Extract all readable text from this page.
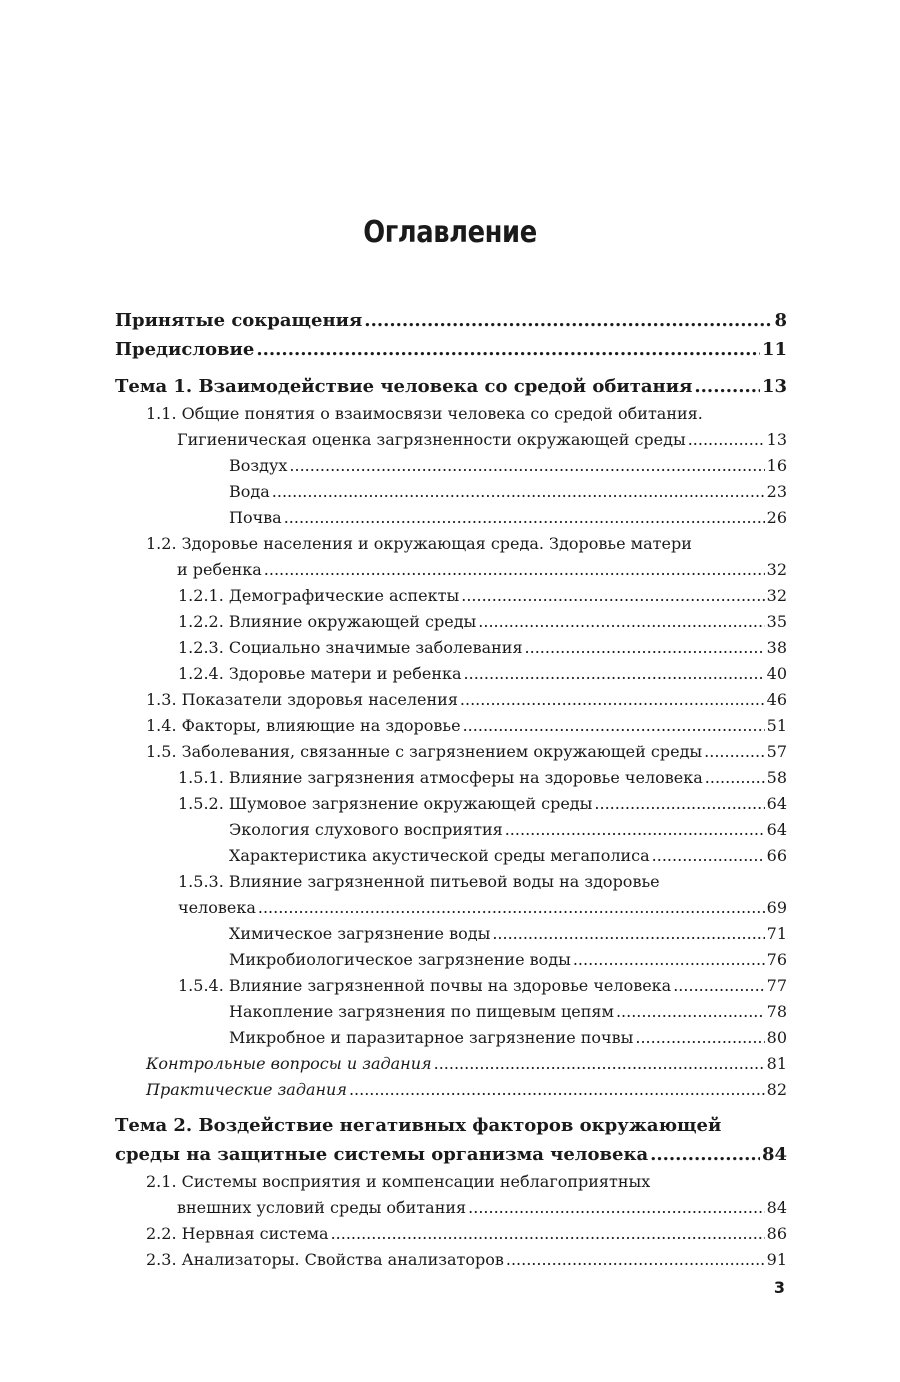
Оглавление
Принятые сокращения .....	8
Предисловие .....	11
Тема 1. Взаимодействие человека со средой обитания .....	13
1.1. Общие понятия о взаимосвязи человека со средой обитания.
Гигиеническая оценка загрязненности окружающей среды .....	13
Воздух .....	16
Вода .....	23
Почва .....	26
1.2. Здоровье населения и окружающая среда. Здоровье матери
и ребенка .....	32
1.2.1. Демографические аспекты .....	32
1.2.2. Влияние окружающей среды .....	35
1.2.3. Социально значимые заболевания .....	38
1.2.4. Здоровье матери и ребенка .....	40
1.3. Показатели здоровья населения .....	46
1.4. Факторы, влияющие на здоровье .....	51
1.5. Заболевания, связанные с загрязнением окружающей среды .....	57
1.5.1. Влияние загрязнения атмосферы на здоровье человека .....	58
1.5.2. Шумовое загрязнение окружающей среды .....	64
Экология слухового восприятия .....	64
Характеристика акустической среды мегаполиса .....	66
1.5.3. Влияние загрязненной питьевой воды на здоровье
человека .....	69
Химическое загрязнение воды .....	71
Микробиологическое загрязнение воды .....	76
1.5.4. Влияние загрязненной почвы на здоровье человека .....	77
Накопление загрязнения по пищевым цепям .....	78
Микробное и паразитарное загрязнение почвы .....	80
Контрольные вопросы и задания .....	81
Практические задания .....	82
Тема 2. Воздействие негативных факторов окружающей
среды на защитные системы организма человека .....	84
2.1. Системы восприятия и компенсации неблагоприятных
внешних условий среды обитания .....	84
2.2. Нервная система .....	86
2.3. Анализаторы. Свойства анализаторов .....	91
3
